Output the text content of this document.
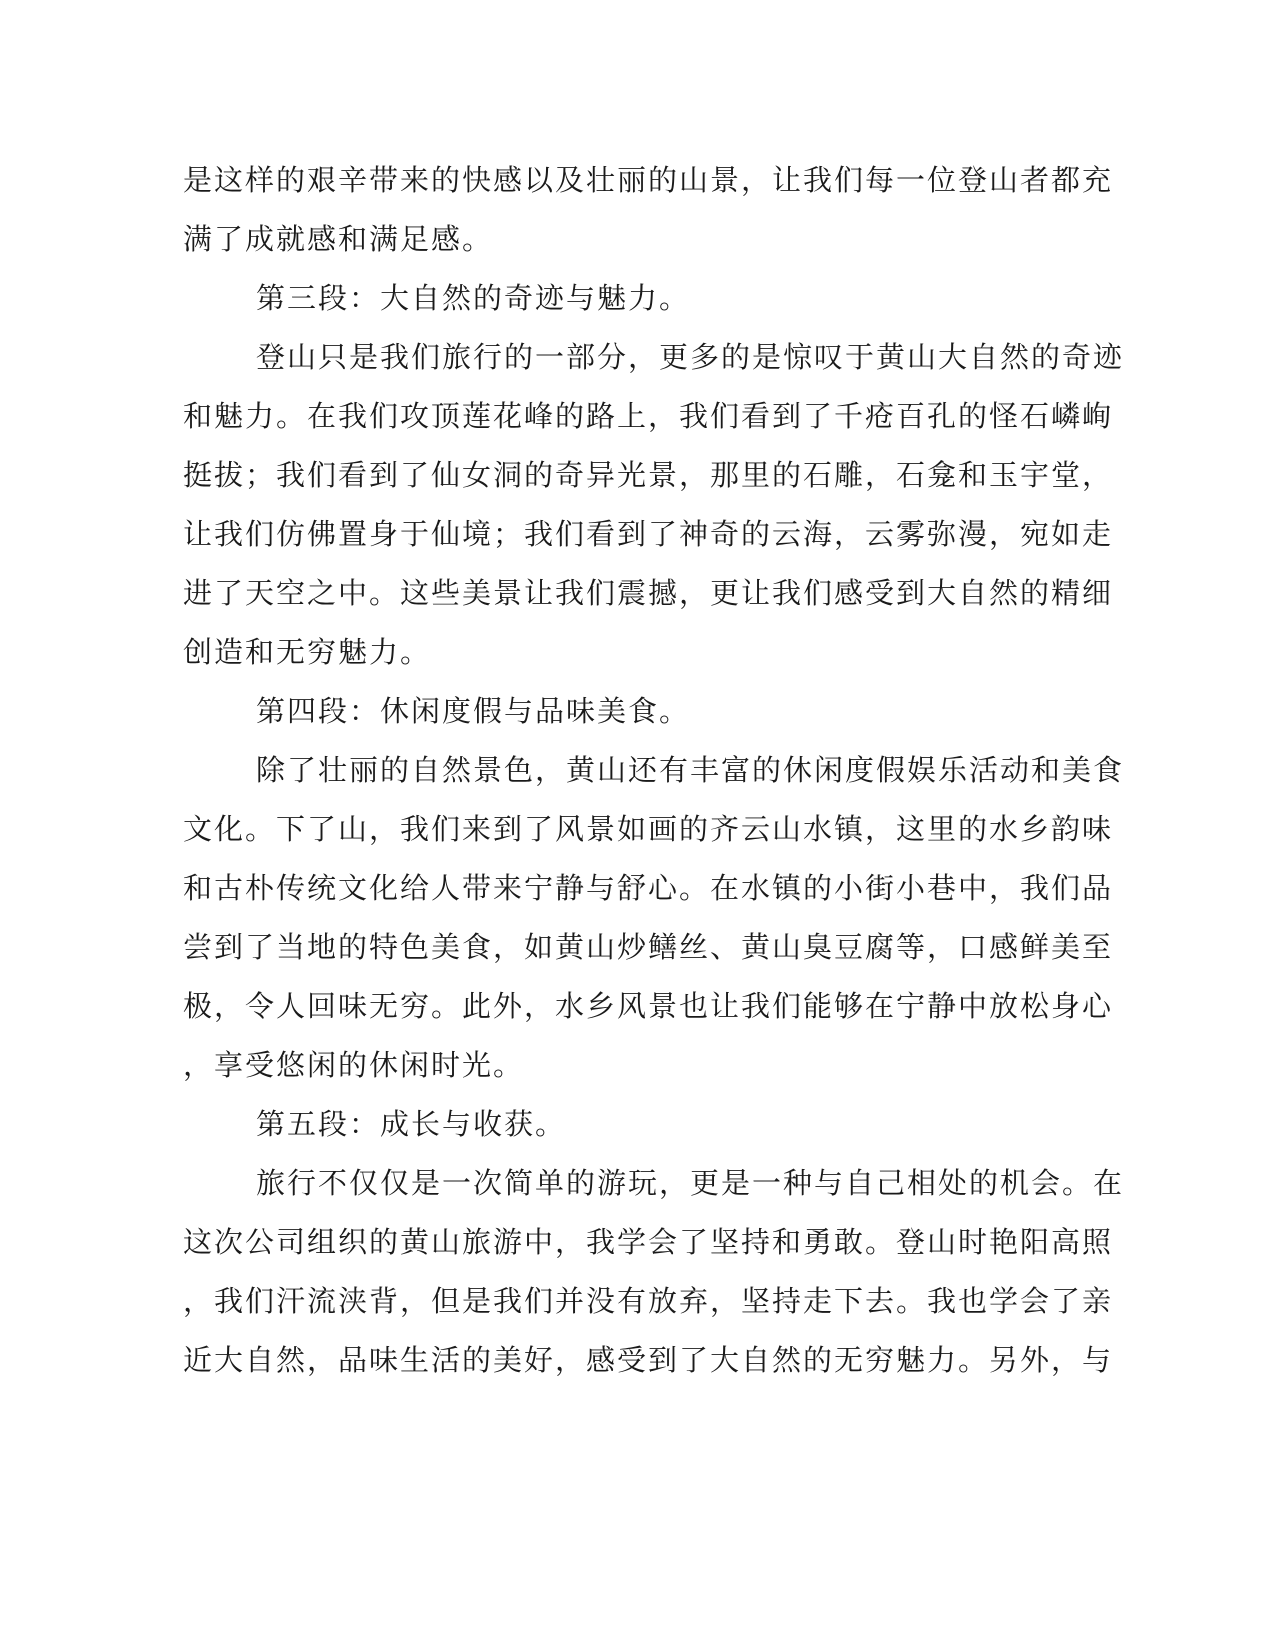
是这样的艰辛带来的快感以及壮丽的山景，让我们每一位登山者都充
满了成就感和满足感。
第三段：大自然的奇迹与魅力。
登山只是我们旅行的一部分，更多的是惊叹于黄山大自然的奇迹
和魅力。在我们攻顶莲花峰的路上，我们看到了千疮百孔的怪石嶙峋
挺拔；我们看到了仙女洞的奇异光景，那里的石雕，石龛和玉宇堂，
让我们仿佛置身于仙境；我们看到了神奇的云海，云雾弥漫，宛如走
进了天空之中。这些美景让我们震撼，更让我们感受到大自然的精细
创造和无穷魅力。
第四段：休闲度假与品味美食。
除了壮丽的自然景色，黄山还有丰富的休闲度假娱乐活动和美食
文化。下了山，我们来到了风景如画的齐云山水镇，这里的水乡韵味
和古朴传统文化给人带来宁静与舒心。在水镇的小街小巷中，我们品
尝到了当地的特色美食，如黄山炒鳝丝、黄山臭豆腐等，口感鲜美至
极，令人回味无穷。此外，水乡风景也让我们能够在宁静中放松身心
，享受悠闲的休闲时光。
第五段：成长与收获。
旅行不仅仅是一次简单的游玩，更是一种与自己相处的机会。在
这次公司组织的黄山旅游中，我学会了坚持和勇敢。登山时艳阳高照
，我们汗流浃背，但是我们并没有放弃，坚持走下去。我也学会了亲
近大自然，品味生活的美好，感受到了大自然的无穷魅力。另外，与
